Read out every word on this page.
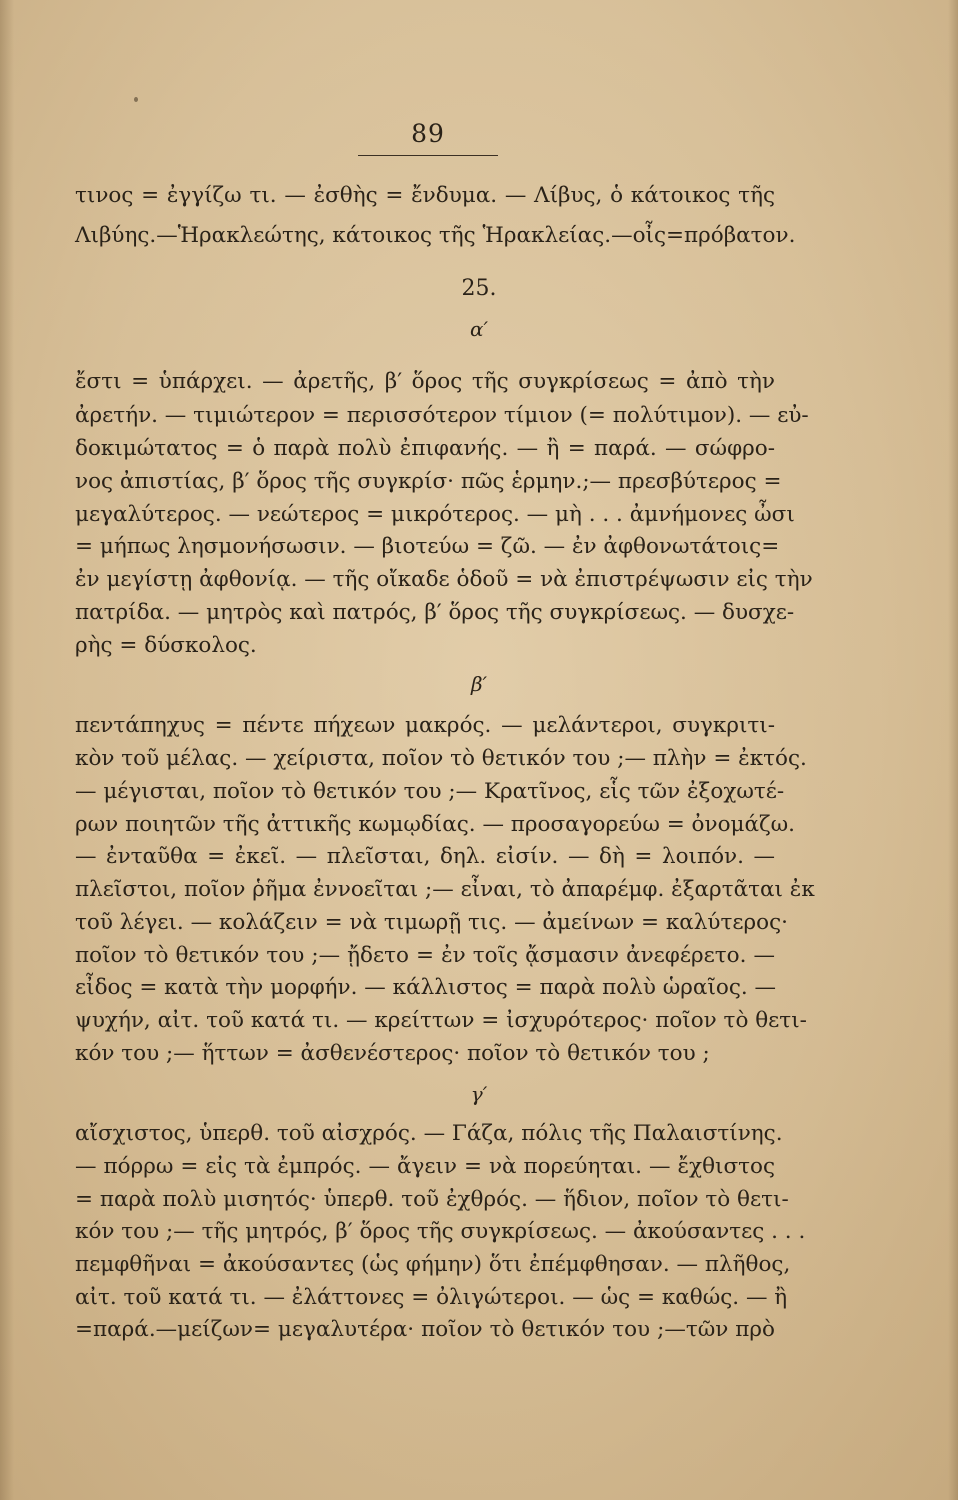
89
τινος = ἐγγίζω τι. — ἐσθὴς = ἔνδυμα. — Λίβυς, ὁ κάτοικος τῆς
Λιβύης.—Ἡρακλεώτης, κάτοικος τῆς Ἡρακλείας.—οἶς=πρόβατον.
25.
α′
ἔστι = ὑπάρχει. — ἀρετῆς, β′ ὅρος τῆς συγκρίσεως = ἀπὸ τὴν
ἀρετήν. — τιμιώτερον = περισσότερον τίμιον (= πολύτιμον). — εὐ-
δοκιμώτατος = ὁ παρὰ πολὺ ἐπιφανής. — ἢ = παρά. — σώφρο-
νος ἀπιστίας, β′ ὅρος τῆς συγκρίσ· πῶς ἑρμην.;— πρεσβύτερος =
μεγαλύτερος. — νεώτερος = μικρότερος. — μὴ . . . ἀμνήμονες ὦσι
= μήπως λησμονήσωσιν. — βιοτεύω = ζῶ. — ἐν ἀφθονωτάτοις=
ἐν μεγίστῃ ἀφθονίᾳ. — τῆς οἴκαδε ὁδοῦ = νὰ ἐπιστρέψωσιν εἰς τὴν
πατρίδα. — μητρὸς καὶ πατρός, β′ ὅρος τῆς συγκρίσεως. — δυσχε-
ρὴς = δύσκολος.
β′
πεντάπηχυς = πέντε πήχεων μακρός. — μελάντεροι, συγκριτι-
κὸν τοῦ μέλας. — χείριστα, ποῖον τὸ θετικόν του ;— πλὴν = ἐκτός.
— μέγισται, ποῖον τὸ θετικόν του ;— Κρατῖνος, εἷς τῶν ἐξοχωτέ-
ρων ποιητῶν τῆς ἀττικῆς κωμῳδίας. — προσαγορεύω = ὀνομάζω.
— ἐνταῦθα = ἐκεῖ. — πλεῖσται, δηλ. εἰσίν. — δὴ = λοιπόν. —
πλεῖστοι, ποῖον ῥῆμα ἐννοεῖται ;— εἶναι, τὸ ἀπαρέμφ. ἐξαρτᾶται ἐκ
τοῦ λέγει. — κολάζειν = νὰ τιμωρῇ τις. — ἀμείνων = καλύτερος·
ποῖον τὸ θετικόν του ;— ᾔδετο = ἐν τοῖς ᾄσμασιν ἀνεφέρετο. —
εἶδος = κατὰ τὴν μορφήν. — κάλλιστος = παρὰ πολὺ ὡραῖος. —
ψυχήν, αἰτ. τοῦ κατά τι. — κρείττων = ἰσχυρότερος· ποῖον τὸ θετι-
κόν του ;— ἥττων = ἀσθενέστερος· ποῖον τὸ θετικόν του ;
γ′
αἴσχιστος, ὑπερθ. τοῦ αἰσχρός. — Γάζα, πόλις τῆς Παλαιστίνης.
— πόρρω = εἰς τὰ ἐμπρός. — ἄγειν = νὰ πορεύηται. — ἔχθιστος
= παρὰ πολὺ μισητός· ὑπερθ. τοῦ ἐχθρός. — ἥδιον, ποῖον τὸ θετι-
κόν του ;— τῆς μητρός, β′ ὅρος τῆς συγκρίσεως. — ἀκούσαντες . . .
πεμφθῆναι = ἀκούσαντες (ὡς φήμην) ὅτι ἐπέμφθησαν. — πλῆθος,
αἰτ. τοῦ κατά τι. — ἐλάττονες = ὀλιγώτεροι. — ὡς = καθώς. — ἢ
=παρά.—μείζων= μεγαλυτέρα· ποῖον τὸ θετικόν του ;—τῶν πρὸ
